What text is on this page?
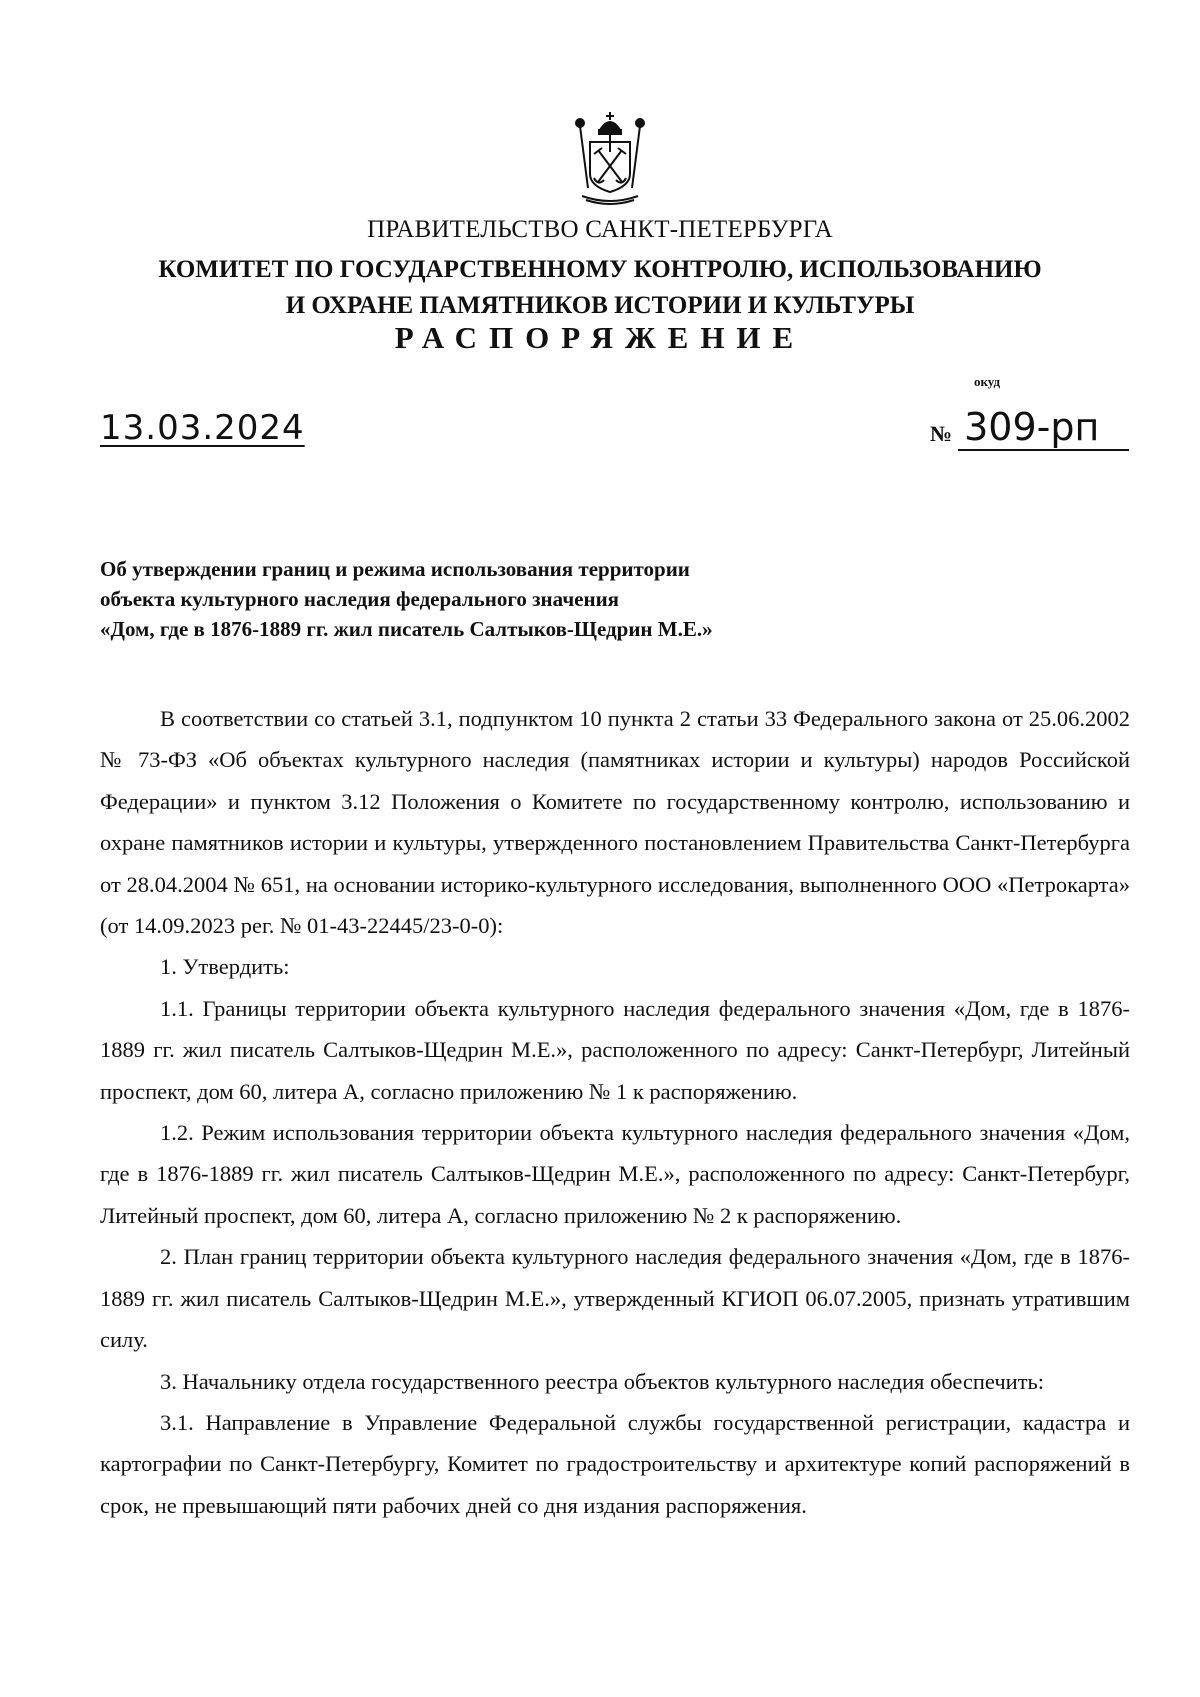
ПРАВИТЕЛЬСТВО САНКТ-ПЕТЕРБУРГА
КОМИТЕТ ПО ГОСУДАРСТВЕННОМУ КОНТРОЛЮ, ИСПОЛЬЗОВАНИЮ
И ОХРАНЕ ПАМЯТНИКОВ ИСТОРИИ И КУЛЬТУРЫ
РАСПОРЯЖЕНИЕ
окуд
13.03.2024	№ 309-рп
Об утверждении границ и режима использования территории
объекта культурного наследия федерального значения
«Дом, где в 1876-1889 гг. жил писатель Салтыков-Щедрин М.Е.»

В соответствии со статьей 3.1, подпунктом 10 пункта 2 статьи 33 Федерального закона от 25.06.2002 № 73-ФЗ «Об объектах культурного наследия (памятниках истории и культуры) народов Российской Федерации» и пунктом 3.12 Положения о Комитете по государственному контролю, использованию и охране памятников истории и культуры, утвержденного постановлением Правительства Санкт-Петербурга от 28.04.2004 № 651, на основании историко-культурного исследования, выполненного ООО «Петрокарта» (от 14.09.2023 рег. № 01-43-22445/23-0-0):

1. Утвердить:

1.1. Границы территории объекта культурного наследия федерального значения «Дом, где в 1876-1889 гг. жил писатель Салтыков-Щедрин М.Е.», расположенного по адресу: Санкт-Петербург, Литейный проспект, дом 60, литера А, согласно приложению № 1 к распоряжению.

1.2. Режим использования территории объекта культурного наследия федерального значения «Дом, где в 1876-1889 гг. жил писатель Салтыков-Щедрин М.Е.», расположенного по адресу: Санкт-Петербург, Литейный проспект, дом 60, литера А, согласно приложению № 2 к распоряжению.

2. План границ территории объекта культурного наследия федерального значения «Дом, где в 1876-1889 гг. жил писатель Салтыков-Щедрин М.Е.», утвержденный КГИОП 06.07.2005, признать утратившим силу.

3. Начальнику отдела государственного реестра объектов культурного наследия обеспечить:

3.1. Направление в Управление Федеральной службы государственной регистрации, кадастра и картографии по Санкт-Петербургу, Комитет по градостроительству и архитектуре копий распоряжений в срок, не превышающий пяти рабочих дней со дня издания распоряжения.
